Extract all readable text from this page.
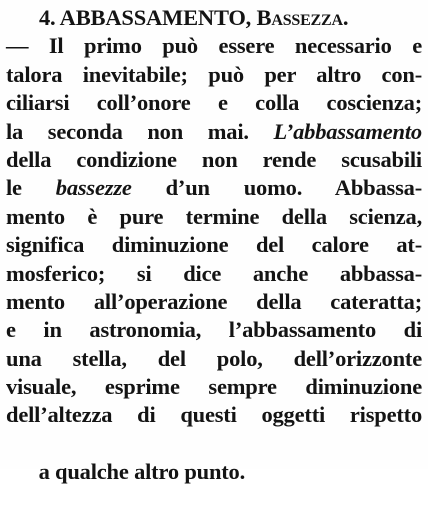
4. ABBASSAMENTO, Bassezza.
— Il primo può essere necessario e
talora inevitabile; può per altro con-
ciliarsi coll’onore e colla coscienza;
la seconda non mai. L’abbassamento
della condizione non rende scusabili
le bassezze d’un uomo. Abbassa-
mento è pure termine della scienza,
significa diminuzione del calore at-
mosferico; si dice anche abbassa-
mento all’operazione della cateratta;
e in astronomia, l’abbassamento di
una stella, del polo, dell’orizzonte
visuale, esprime sempre diminuzione
dell’altezza di questi oggetti rispetto

a qualche altro punto.
